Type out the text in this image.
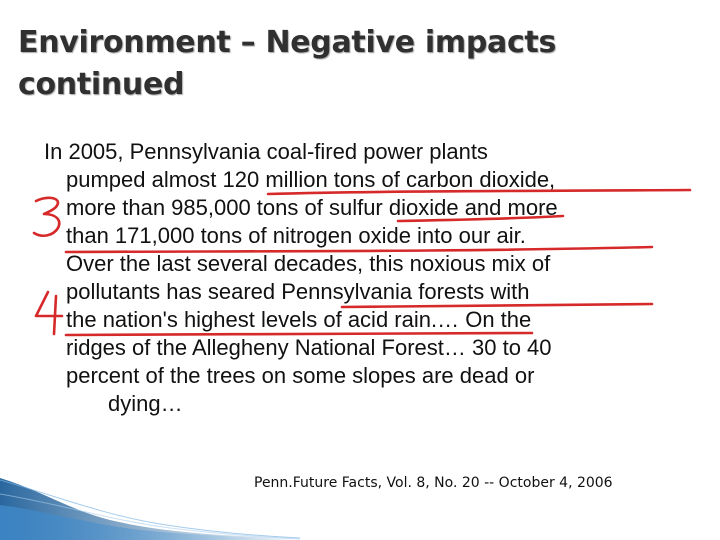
Environment – Negative impacts
continued
In 2005, Pennsylvania coal-fired power plants
pumped almost 120 million tons of carbon dioxide,
more than 985,000 tons of sulfur dioxide and more
than 171,000 tons of nitrogen oxide into our air.
Over the last several decades, this noxious mix of
pollutants has seared Pennsylvania forests with
the nation's highest levels of acid rain.… On the
ridges of the Allegheny National Forest… 30 to 40
percent of the trees on some slopes are dead or
dying…
Penn.Future Facts, Vol. 8, No. 20 -- October 4, 2006
